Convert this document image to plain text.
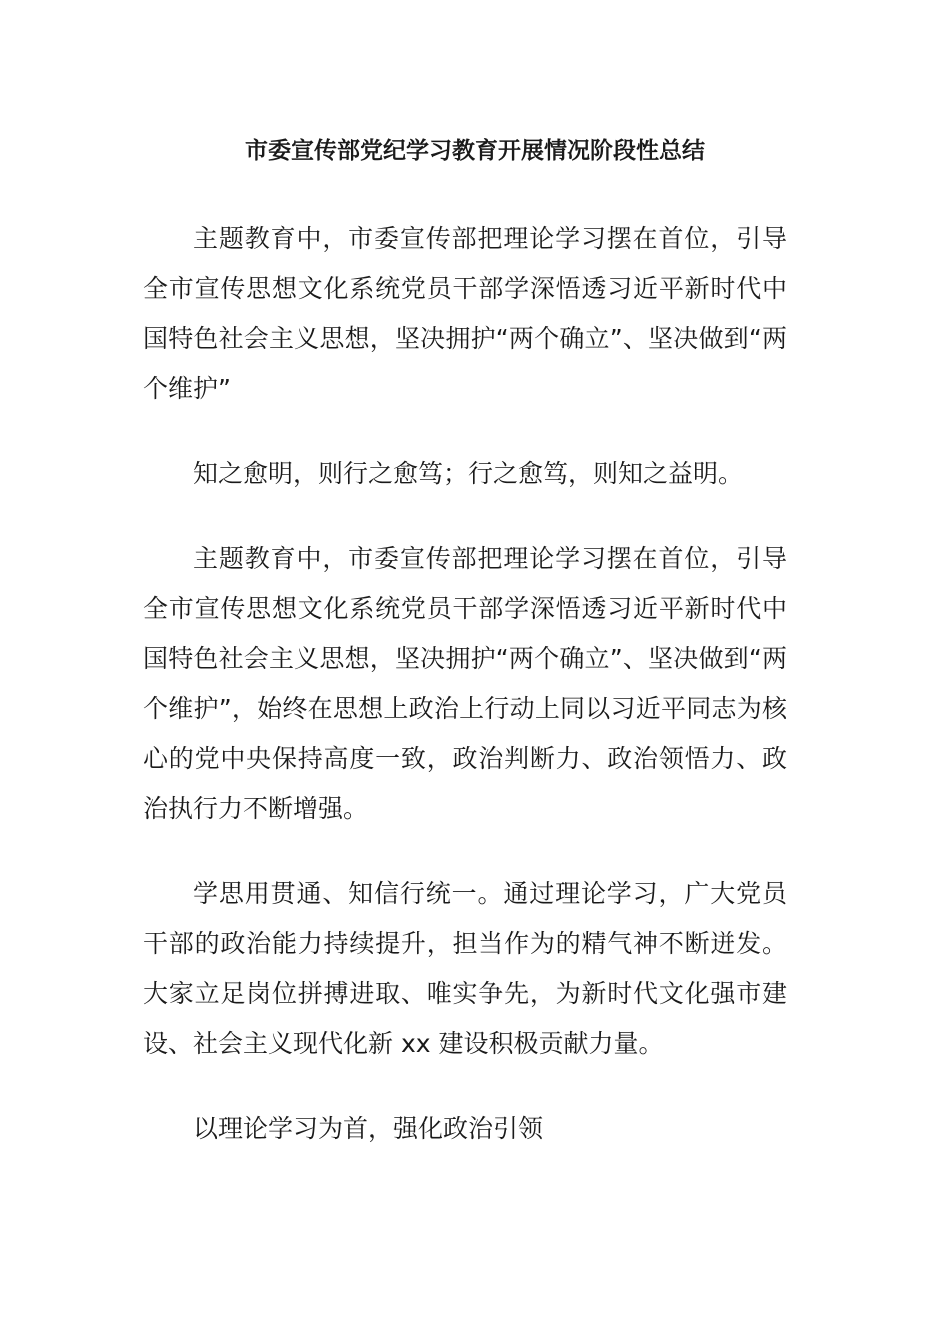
市委宣传部党纪学习教育开展情况阶段性总结

主题教育中，市委宣传部把理论学习摆在首位，引导全市宣传思想文化系统党员干部学深悟透习近平新时代中国特色社会主义思想，坚决拥护“两个确立”、坚决做到“两个维护”

知之愈明，则行之愈笃；行之愈笃，则知之益明。

主题教育中，市委宣传部把理论学习摆在首位，引导全市宣传思想文化系统党员干部学深悟透习近平新时代中国特色社会主义思想，坚决拥护“两个确立”、坚决做到“两个维护”，始终在思想上政治上行动上同以习近平同志为核心的党中央保持高度一致，政治判断力、政治领悟力、政治执行力不断增强。

学思用贯通、知信行统一。通过理论学习，广大党员干部的政治能力持续提升，担当作为的精气神不断迸发。大家立足岗位拼搏进取、唯实争先，为新时代文化强市建设、社会主义现代化新 xx 建设积极贡献力量。

以理论学习为首，强化政治引领
